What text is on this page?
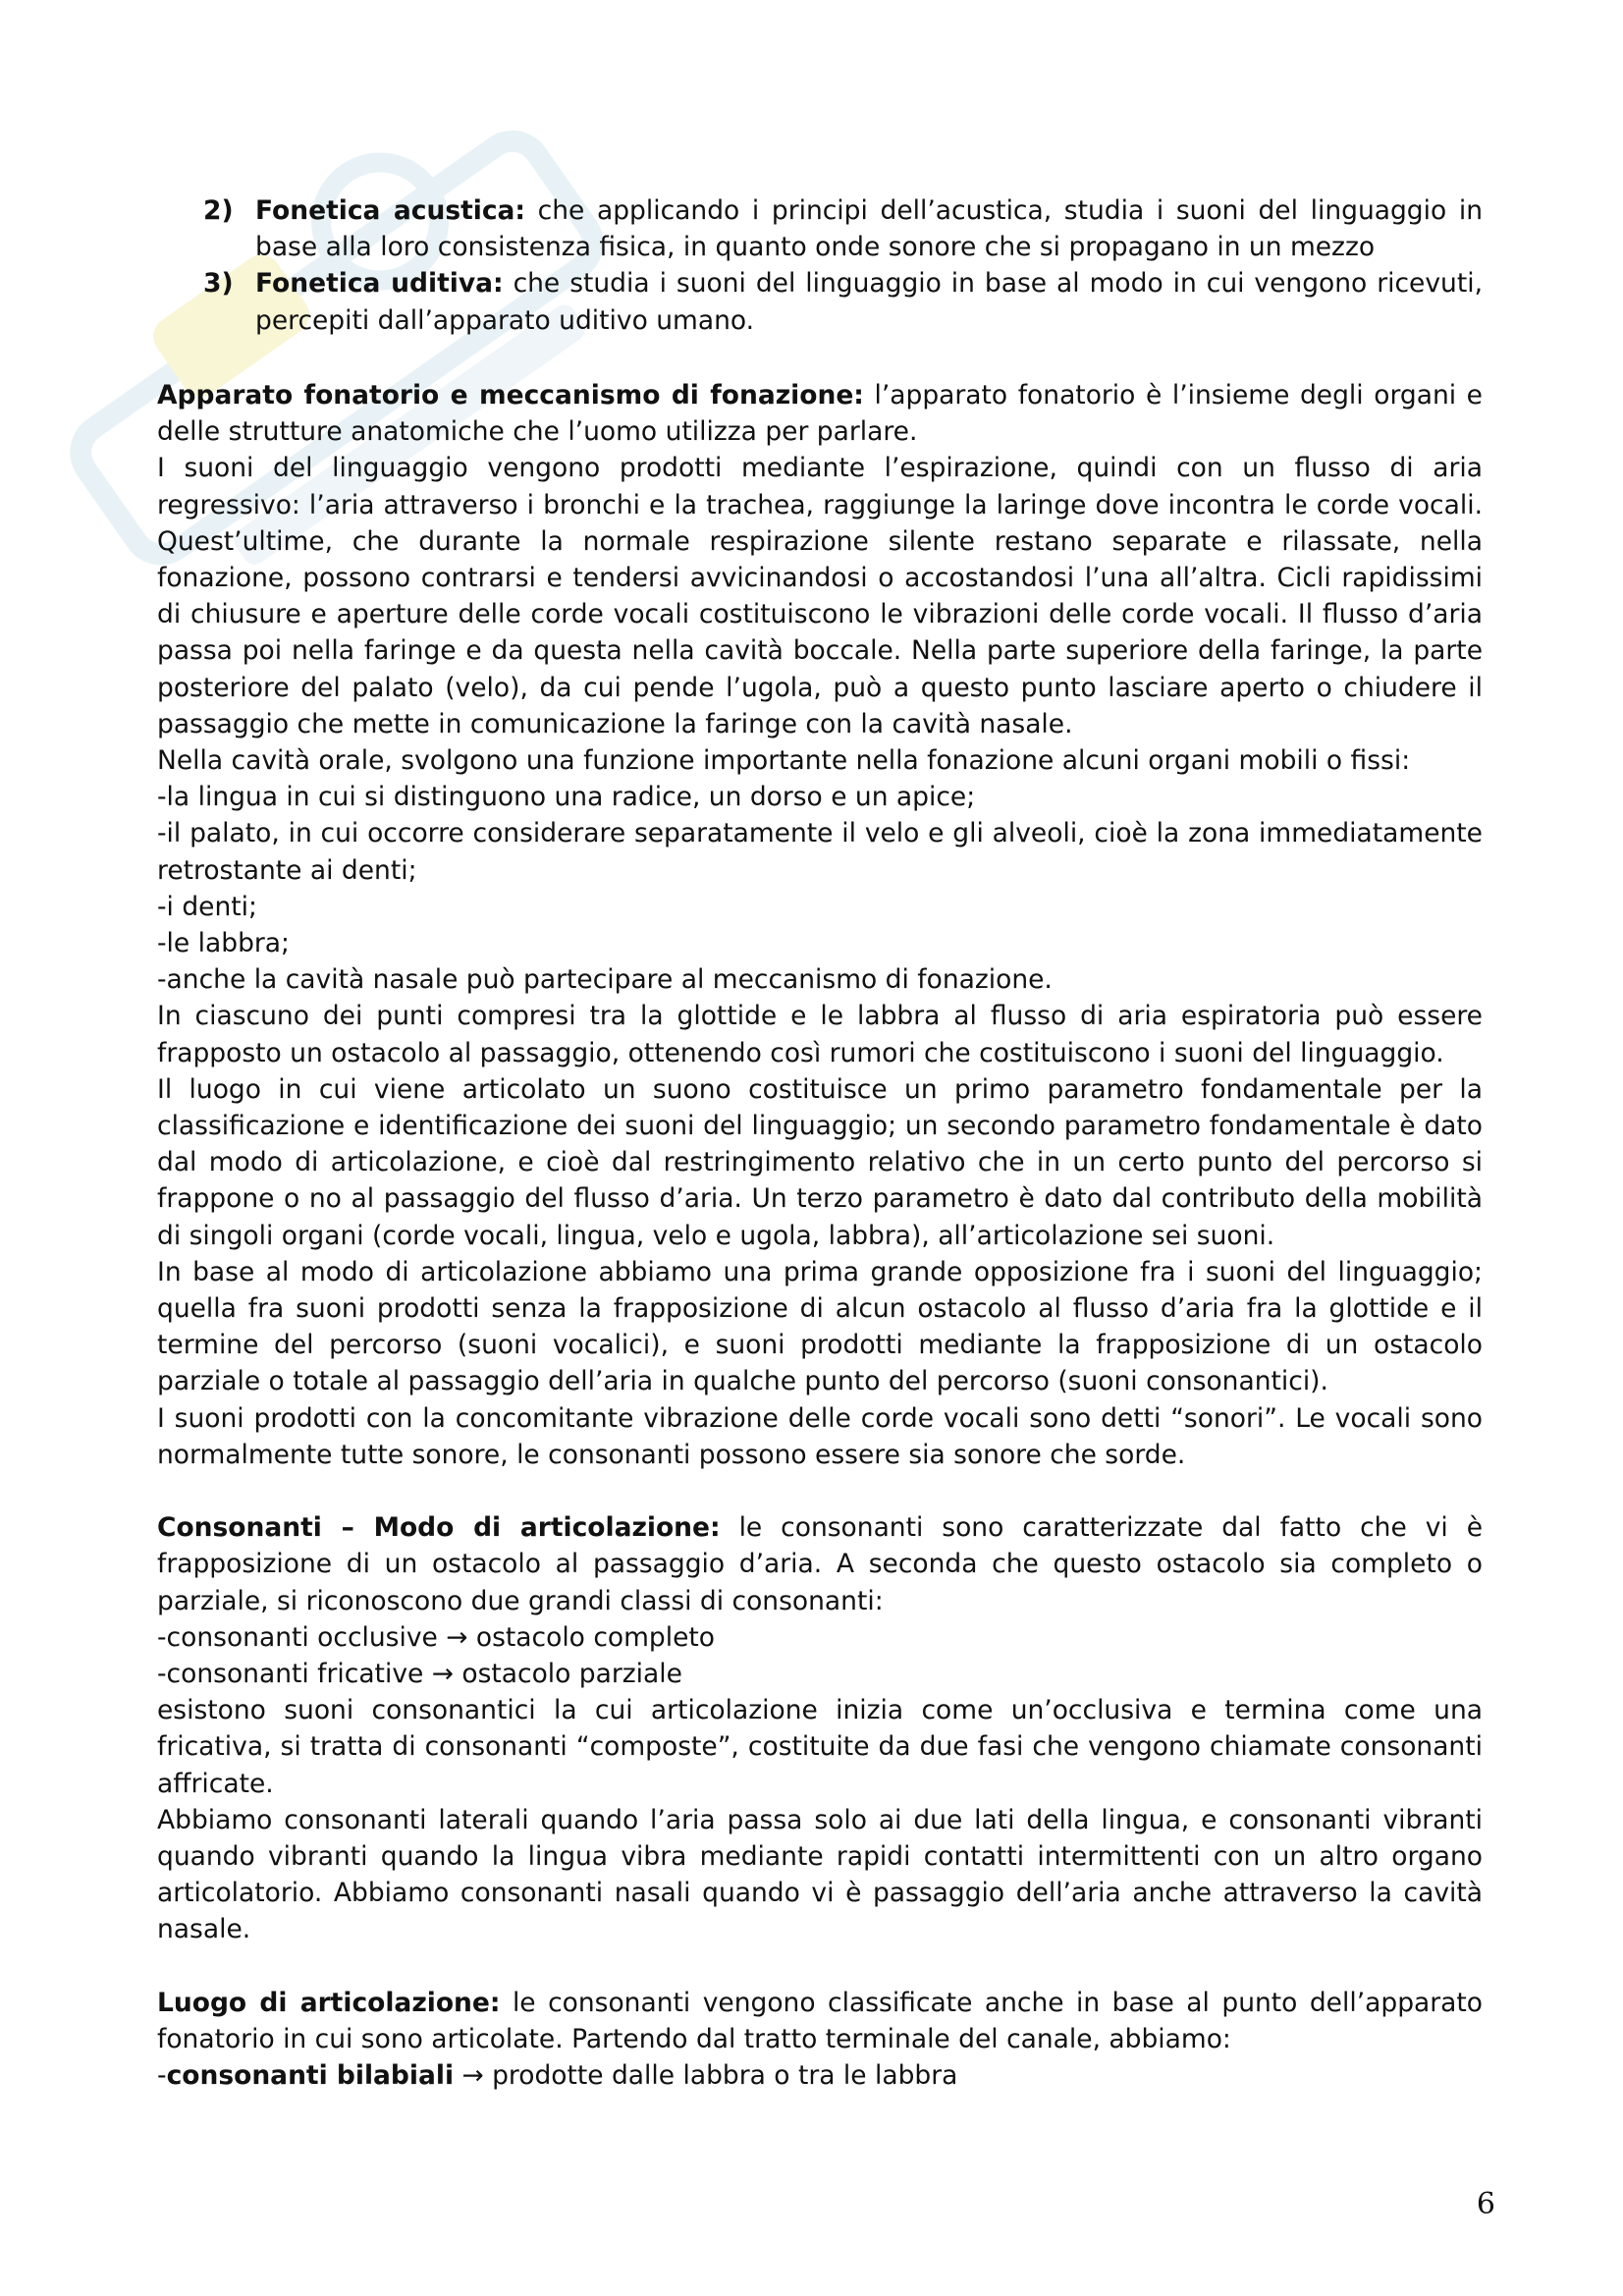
2) Fonetica acustica: che applicando i principi dell’acustica, studia i suoni del linguaggio in base alla loro consistenza fisica, in quanto onde sonore che si propagano in un mezzo
3) Fonetica uditiva: che studia i suoni del linguaggio in base al modo in cui vengono ricevuti, percepiti dall’apparato uditivo umano.

Apparato fonatorio e meccanismo di fonazione: l’apparato fonatorio è l’insieme degli organi e delle strutture anatomiche che l’uomo utilizza per parlare.

I suoni del linguaggio vengono prodotti mediante l’espirazione, quindi con un flusso di aria regressivo: l’aria attraverso i bronchi e la trachea, raggiunge la laringe dove incontra le corde vocali. Quest’ultime, che durante la normale respirazione silente restano separate e rilassate, nella fonazione, possono contrarsi e tendersi avvicinandosi o accostandosi l’una all’altra. Cicli rapidissimi di chiusure e aperture delle corde vocali costituiscono le vibrazioni delle corde vocali. Il flusso d’aria passa poi nella faringe e da questa nella cavità boccale. Nella parte superiore della faringe, la parte posteriore del palato (velo), da cui pende l’ugola, può a questo punto lasciare aperto o chiudere il passaggio che mette in comunicazione la faringe con la cavità nasale.

Nella cavità orale, svolgono una funzione importante nella fonazione alcuni organi mobili o fissi:

-la lingua in cui si distinguono una radice, un dorso e un apice;

-il palato, in cui occorre considerare separatamente il velo e gli alveoli, cioè la zona immediatamente retrostante ai denti;

-i denti;

-le labbra;

-anche la cavità nasale può partecipare al meccanismo di fonazione.

In ciascuno dei punti compresi tra la glottide e le labbra al flusso di aria espiratoria può essere frapposto un ostacolo al passaggio, ottenendo così rumori che costituiscono i suoni del linguaggio.

Il luogo in cui viene articolato un suono costituisce un primo parametro fondamentale per la classificazione e identificazione dei suoni del linguaggio; un secondo parametro fondamentale è dato dal modo di articolazione, e cioè dal restringimento relativo che in un certo punto del percorso si frappone o no al passaggio del flusso d’aria. Un terzo parametro è dato dal contributo della mobilità di singoli organi (corde vocali, lingua, velo e ugola, labbra), all’articolazione sei suoni.

In base al modo di articolazione abbiamo una prima grande opposizione fra i suoni del linguaggio; quella fra suoni prodotti senza la frapposizione di alcun ostacolo al flusso d’aria fra la glottide e il termine del percorso (suoni vocalici), e suoni prodotti mediante la frapposizione di un ostacolo parziale o totale al passaggio dell’aria in qualche punto del percorso (suoni consonantici).

I suoni prodotti con la concomitante vibrazione delle corde vocali sono detti “sonori”. Le vocali sono normalmente tutte sonore, le consonanti possono essere sia sonore che sorde.

Consonanti – Modo di articolazione: le consonanti sono caratterizzate dal fatto che vi è frapposizione di un ostacolo al passaggio d’aria. A seconda che questo ostacolo sia completo o parziale, si riconoscono due grandi classi di consonanti:

-consonanti occlusive → ostacolo completo

-consonanti fricative → ostacolo parziale

esistono suoni consonantici la cui articolazione inizia come un’occlusiva e termina come una fricativa, si tratta di consonanti “composte”, costituite da due fasi che vengono chiamate consonanti affricate.

Abbiamo consonanti laterali quando l’aria passa solo ai due lati della lingua, e consonanti vibranti quando vibranti quando la lingua vibra mediante rapidi contatti intermittenti con un altro organo articolatorio. Abbiamo consonanti nasali quando vi è passaggio dell’aria anche attraverso la cavità nasale.

Luogo di articolazione: le consonanti vengono classificate anche in base al punto dell’apparato fonatorio in cui sono articolate. Partendo dal tratto terminale del canale, abbiamo:

-consonanti bilabiali → prodotte dalle labbra o tra le labbra

6
